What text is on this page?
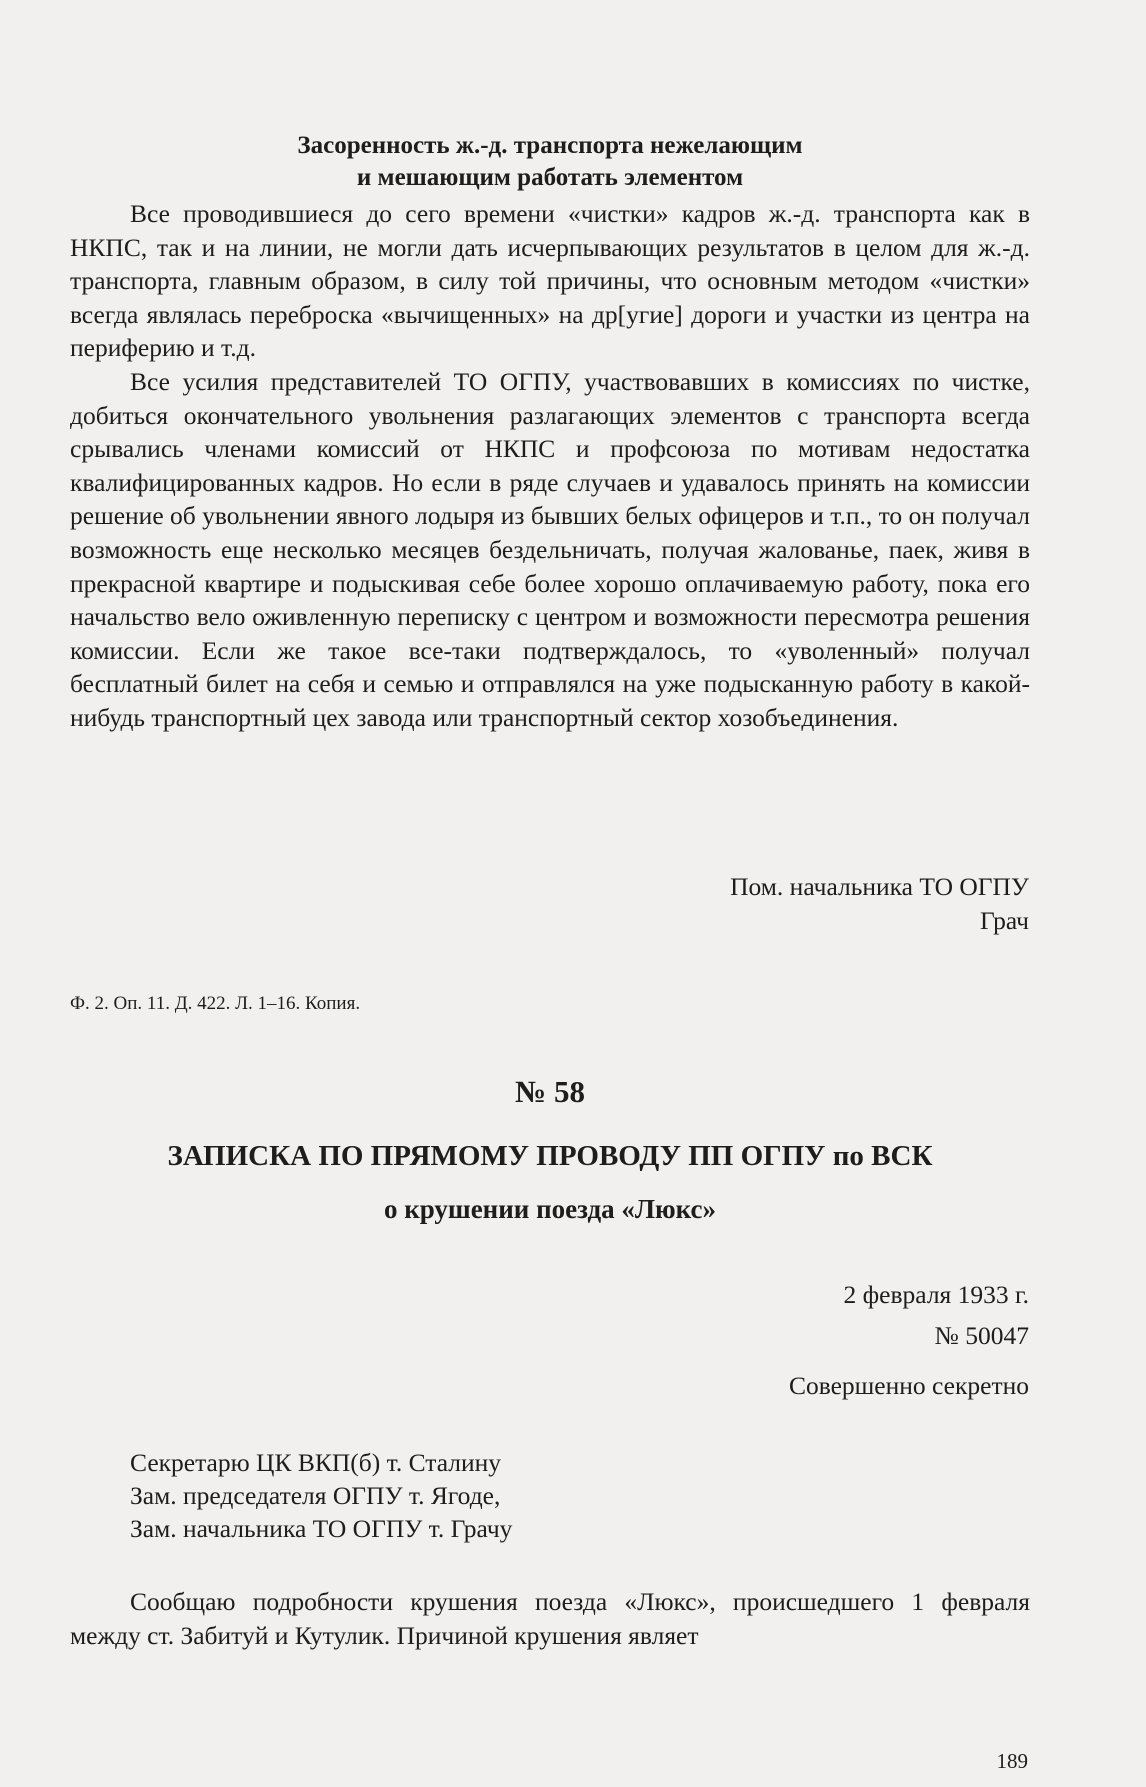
Засоренность ж.-д. транспорта нежелающим
и мешающим работать элементом

Все проводившиеся до сего времени «чистки» кадров ж.-д. транспорта как в НКПС, так и на линии, не могли дать исчерпывающих результатов в целом для ж.-д. транспорта, главным образом, в силу той причины, что основным методом «чистки» всегда являлась переброска «вычищенных» на др[угие] дороги и участки из центра на периферию и т.д.

Все усилия представителей ТО ОГПУ, участвовавших в комиссиях по чистке, добиться окончательного увольнения разлагающих элементов с транспорта всегда срывались членами комиссий от НКПС и профсоюза по мотивам недостатка квалифицированных кадров. Но если в ряде случаев и удавалось принять на комиссии решение об увольнении явного лодыря из бывших белых офицеров и т.п., то он получал возможность еще несколько месяцев бездельничать, получая жалованье, паек, живя в прекрасной квартире и подыскивая себе более хорошо оплачиваемую работу, пока его начальство вело оживленную переписку с центром и возможности пересмотра решения комиссии. Если же такое все-таки подтверждалось, то «уволенный» получал бесплатный билет на себя и семью и отправлялся на уже подысканную работу в какой-нибудь транспортный цех завода или транспортный сектор хозобъединения.

Пом. начальника ТО ОГПУ
Грач
Ф. 2. Оп. 11. Д. 422. Л. 1–16. Копия.
№ 58
ЗАПИСКА ПО ПРЯМОМУ ПРОВОДУ ПП ОГПУ по ВСК
о крушении поезда «Люкс»
2 февраля 1933 г.
№ 50047
Совершенно секретно
Секретарю ЦК ВКП(б) т. Сталину
Зам. председателя ОГПУ т. Ягоде,
Зам. начальника ТО ОГПУ т. Грачу

Сообщаю подробности крушения поезда «Люкс», происшедшего 1 февраля между ст. Забитуй и Кутулик. Причиной крушения являет

189
